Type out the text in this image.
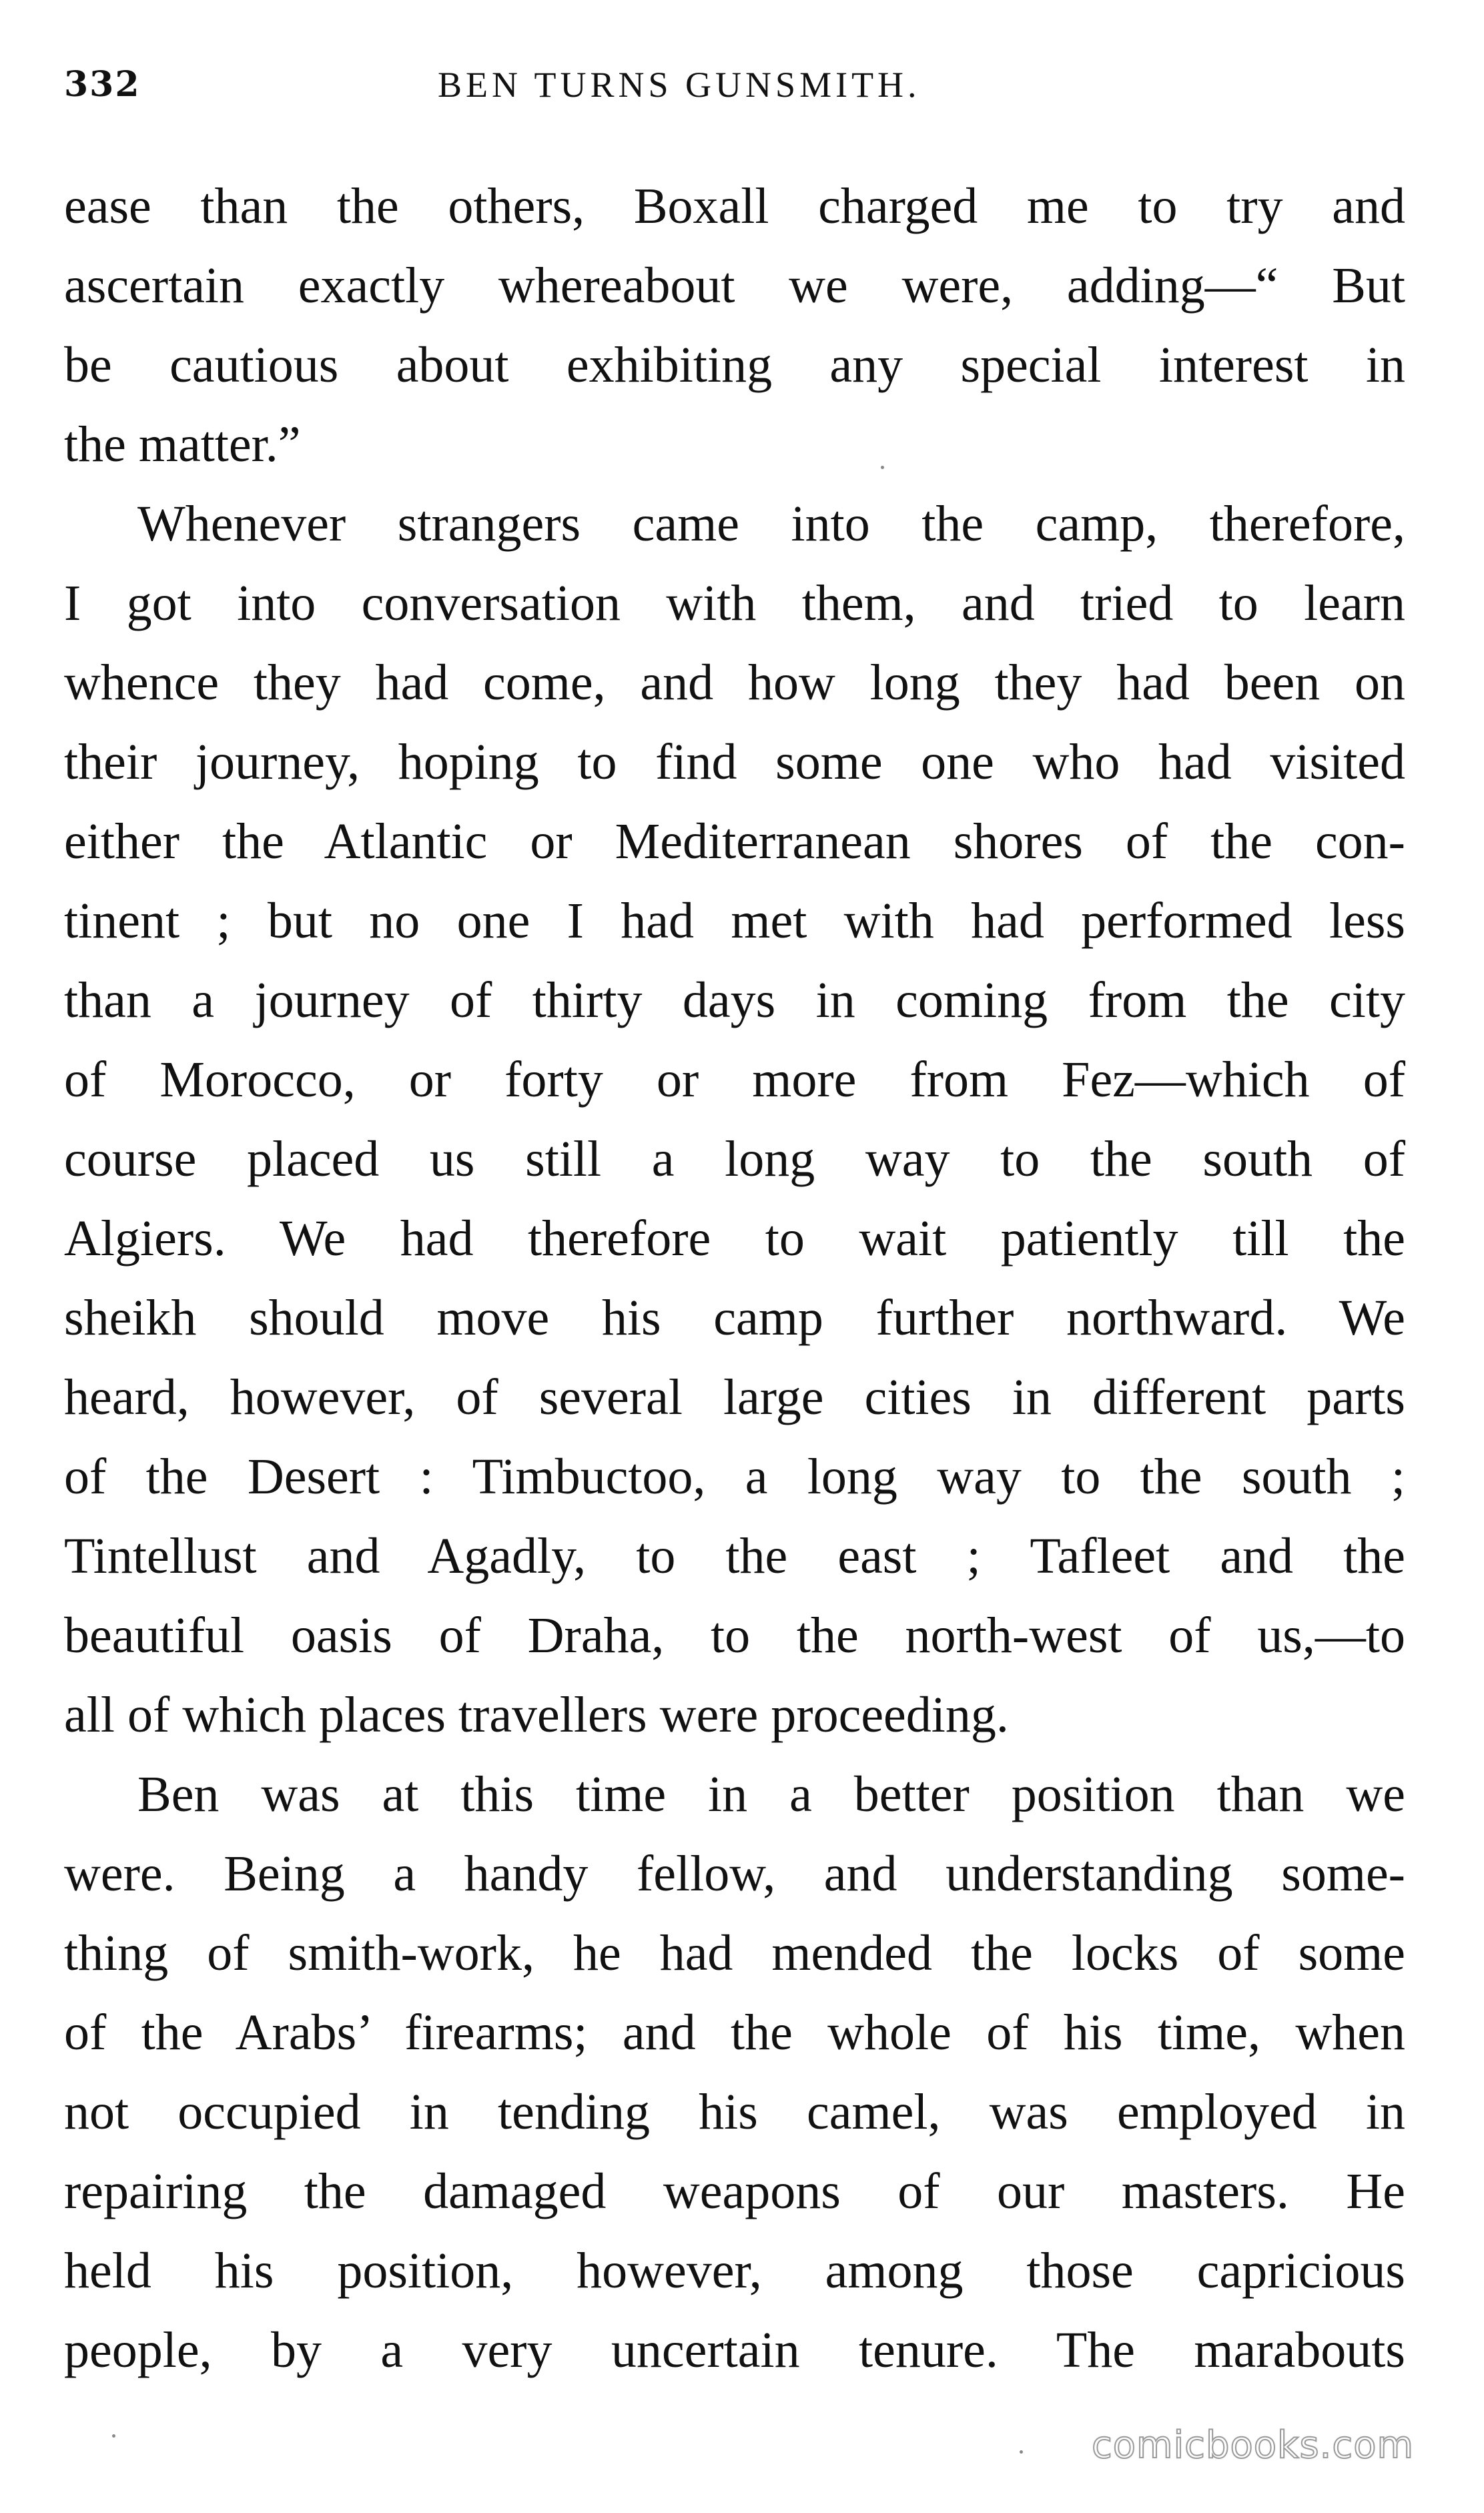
332	BEN TURNS GUNSMITH.
ease than the others, Boxall charged me to try and
ascertain exactly whereabout we were, adding—“ But
be cautious about exhibiting any special interest in
the matter.”
Whenever strangers came into the camp, therefore,
I got into conversation with them, and tried to learn
whence they had come, and how long they had been on
their journey, hoping to find some one who had visited
either the Atlantic or Mediterranean shores of the con-
tinent ; but no one I had met with had performed less
than a journey of thirty days in coming from the city
of Morocco, or forty or more from Fez—which of
course placed us still a long way to the south of
Algiers. We had therefore to wait patiently till the
sheikh should move his camp further northward. We
heard, however, of several large cities in different parts
of the Desert : Timbuctoo, a long way to the south ;
Tintellust and Agadly, to the east ; Tafleet and the
beautiful oasis of Draha, to the north-west of us,—to
all of which places travellers were proceeding.
Ben was at this time in a better position than we
were. Being a handy fellow, and understanding some-
thing of smith-work, he had mended the locks of some
of the Arabs’ firearms; and the whole of his time, when
not occupied in tending his camel, was employed in
repairing the damaged weapons of our masters. He
held his position, however, among those capricious
people, by a very uncertain tenure. The marabouts
comicbooks.com
